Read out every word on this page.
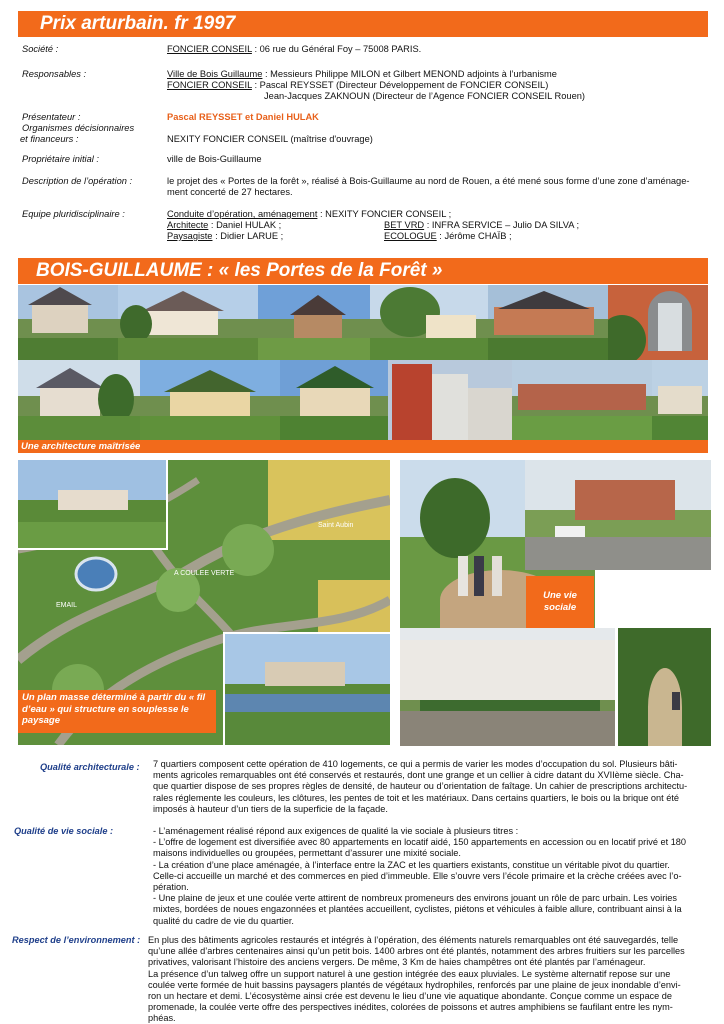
Prix arturbain. fr 1997
Société :	FONCIER CONSEIL : 06 rue du Général Foy – 75008 PARIS.
Responsables :	Ville de Bois Guillaume : Messieurs Philippe MILON et Gilbert MENOND adjoints à l’urbanisme
FONCIER CONSEIL : Pascal REYSSET (Directeur Développement de FONCIER CONSEIL)
Jean-Jacques ZAKNOUN (Directeur de l’Agence FONCIER CONSEIL Rouen)
Présentateur :	Pascal REYSSET et Daniel HULAK
Organismes décisionnaires
et financeurs :	NEXITY FONCIER CONSEIL (maîtrise d'ouvrage)
Propriétaire initial :	ville de Bois-Guillaume
Description de l’opération :	le projet des « Portes de la forêt », réalisé à Bois-Guillaume au nord de Rouen, a été mené sous forme d’une zone d’aménage-
ment concerté de 27 hectares.
Equipe pluridisciplinaire :	Conduite d’opération, aménagement : NEXITY FONCIER CONSEIL ;
Architecte : Daniel HULAK ;	BET VRD : INFRA SERVICE – Julio DA SILVA ;
Paysagiste : Didier LARUE ;	ECOLOGUE : Jérôme CHAÏB ;
BOIS-GUILLAUME : « les Portes de la Forêt »
Une architecture maîtrisée
Saint Aubin
A COULEE VERTE
EMAIL
Un plan masse déterminé à partir du « fil
d’eau » qui structure en souplesse le
paysage
Une vie
sociale
Qualité architecturale : 7 quartiers composent cette opération de 410 logements, ce qui a permis de varier les modes d’occupation du sol. Plusieurs bâti-
ments agricoles remarquables ont été conservés et restaurés, dont une grange et un cellier à cidre datant du XVIIème siècle. Cha-
que quartier dispose de ses propres règles de densité, de hauteur ou d’orientation de faîtage. Un cahier de prescriptions architectu-
rales réglemente les couleurs, les clôtures, les pentes de toit et les matériaux. Dans certains quartiers, le bois ou la brique ont été
imposés à hauteur d’un tiers de la superficie de la façade.
Qualité de vie sociale :	- L’aménagement réalisé répond aux exigences de qualité la vie sociale à plusieurs titres :
- L’offre de logement est diversifiée avec 80 appartements en locatif aidé, 150 appartements en accession ou en locatif privé et 180
maisons individuelles ou groupées, permettant d’assurer une mixité sociale.
- La création d’une place aménagée, à l’interface entre la ZAC et les quartiers existants, constitue un véritable pivot du quartier.
Celle-ci accueille un marché et des commerces en pied d’immeuble. Elle s’ouvre vers l’école primaire et la crèche créées avec l’o-
pération.
- Une plaine de jeux et une coulée verte attirent de nombreux promeneurs des environs jouant un rôle de parc urbain. Les voiries
mixtes, bordées de noues engazonnées et plantées accueillent, cyclistes, piétons et véhicules à faible allure, contribuant ainsi à la
qualité du cadre de vie du quartier.
Respect de l’environnement : En plus des bâtiments agricoles restaurés et intégrés à l’opération, des éléments naturels remarquables ont été sauvegardés, telle
qu’une allée d’arbres centenaires ainsi qu’un petit bois. 1400 arbres ont été plantés, notamment des arbres fruitiers sur les parcelles
privatives, valorisant l’histoire des anciens vergers. De même, 3 Km de haies champêtres ont été plantés par l’aménageur.
La présence d’un talweg offre un support naturel à une gestion intégrée des eaux pluviales. Le système alternatif repose sur une
coulée verte formée de huit bassins paysagers plantés de végétaux hydrophiles, renforcés par une plaine de jeux inondable d’envi-
ron un hectare et demi. L’écosystème ainsi crée est devenu le lieu d’une vie aquatique abondante. Conçue comme un espace de
promenade, la coulée verte offre des perspectives inédites, colorées de poissons et autres amphibiens se faufilant entre les nym-
phéas.
